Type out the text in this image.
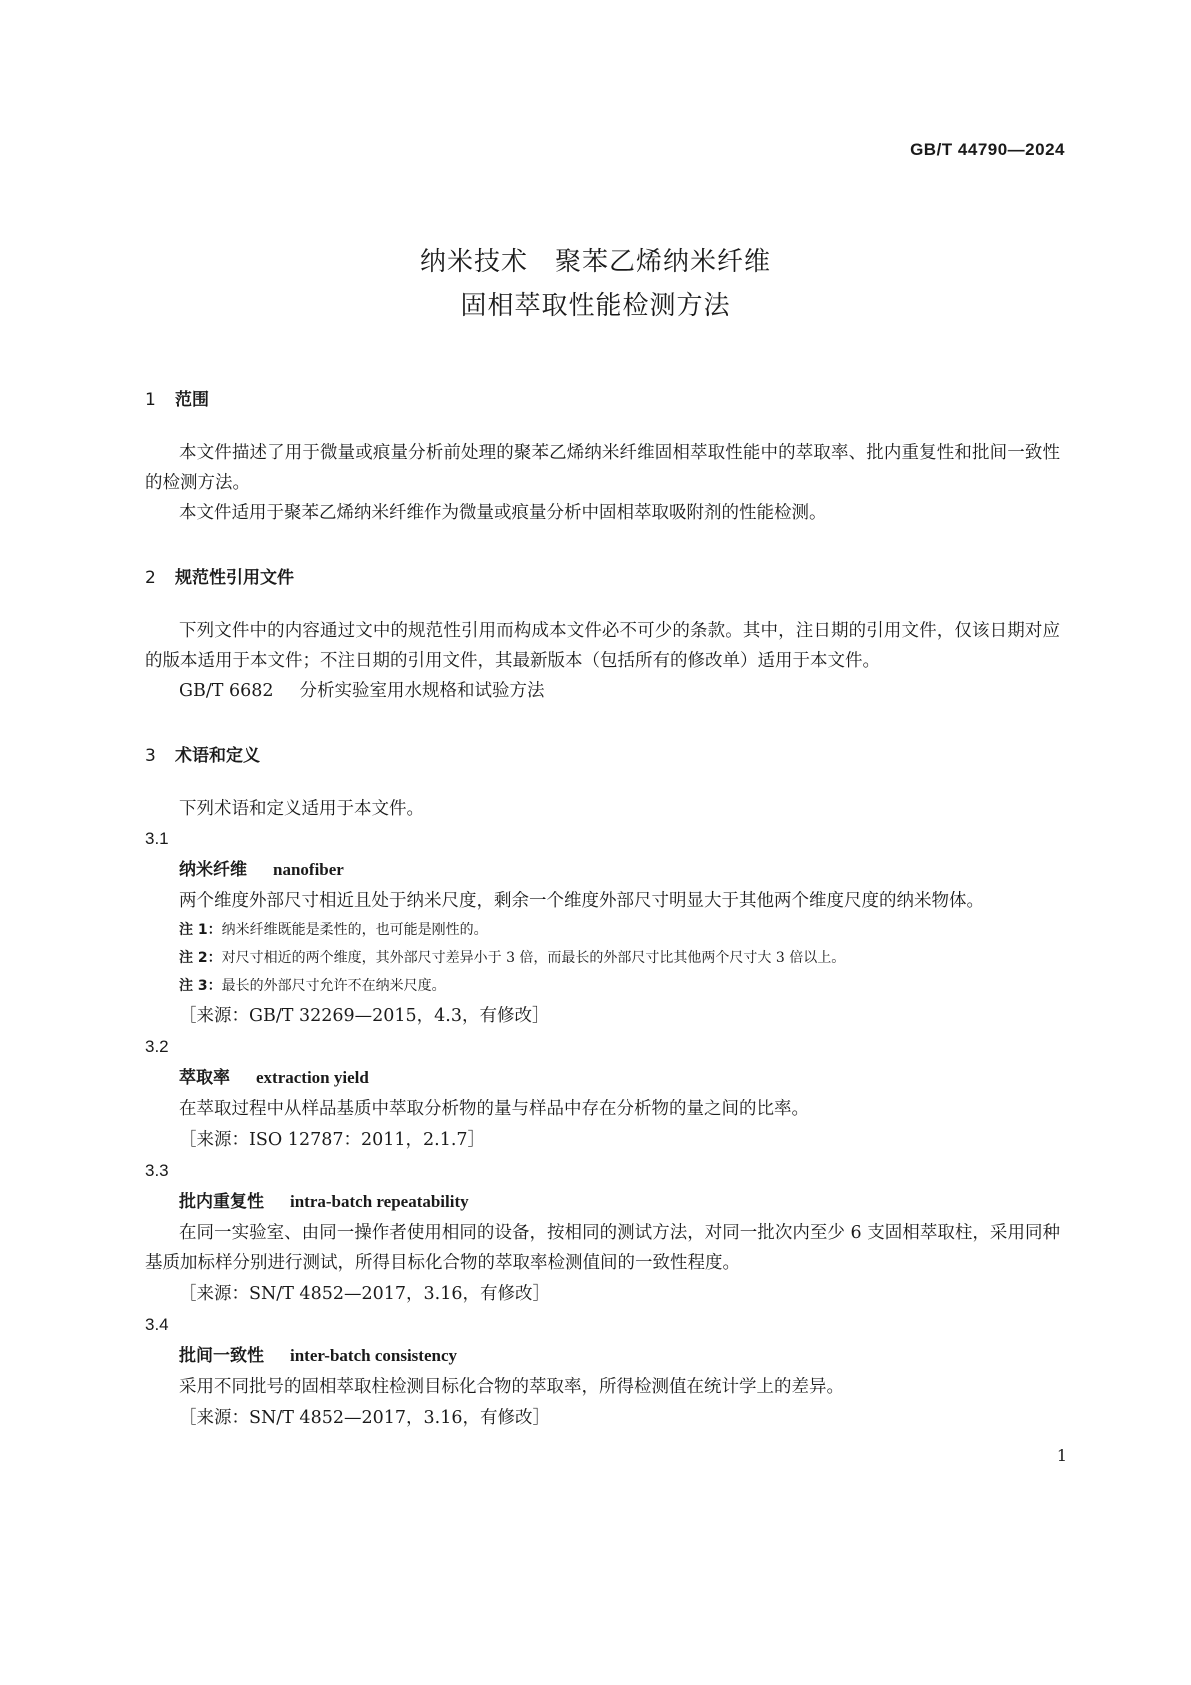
GB/T 44790—2024
纳米技术　聚苯乙烯纳米纤维
固相萃取性能检测方法
1 范围

本文件描述了用于微量或痕量分析前处理的聚苯乙烯纳米纤维固相萃取性能中的萃取率、批内重复性和批间一致性的检测方法。

本文件适用于聚苯乙烯纳米纤维作为微量或痕量分析中固相萃取吸附剂的性能检测。

2 规范性引用文件

下列文件中的内容通过文中的规范性引用而构成本文件必不可少的条款。其中，注日期的引用文件，仅该日期对应的版本适用于本文件；不注日期的引用文件，其最新版本（包括所有的修改单）适用于本文件。

GB/T 6682 分析实验室用水规格和试验方法
3 术语和定义

下列术语和定义适用于本文件。

3.1
纳米纤维 nanofiber

两个维度外部尺寸相近且处于纳米尺度，剩余一个维度外部尺寸明显大于其他两个维度尺度的纳米物体。

注 1：纳米纤维既能是柔性的，也可能是刚性的。
注 2：对尺寸相近的两个维度，其外部尺寸差异小于 3 倍，而最长的外部尺寸比其他两个尺寸大 3 倍以上。
注 3：最长的外部尺寸允许不在纳米尺度。
［来源：GB/T 32269—2015，4.3，有修改］
3.2
萃取率 extraction yield

在萃取过程中从样品基质中萃取分析物的量与样品中存在分析物的量之间的比率。

［来源：ISO 12787：2011，2.1.7］
3.3
批内重复性 intra-batch repeatability

在同一实验室、由同一操作者使用相同的设备，按相同的测试方法，对同一批次内至少 6 支固相萃取柱，采用同种基质加标样分别进行测试，所得目标化合物的萃取率检测值间的一致性程度。

［来源：SN/T 4852—2017，3.16，有修改］
3.4
批间一致性 inter-batch consistency

采用不同批号的固相萃取柱检测目标化合物的萃取率，所得检测值在统计学上的差异。

［来源：SN/T 4852—2017，3.16，有修改］
1
